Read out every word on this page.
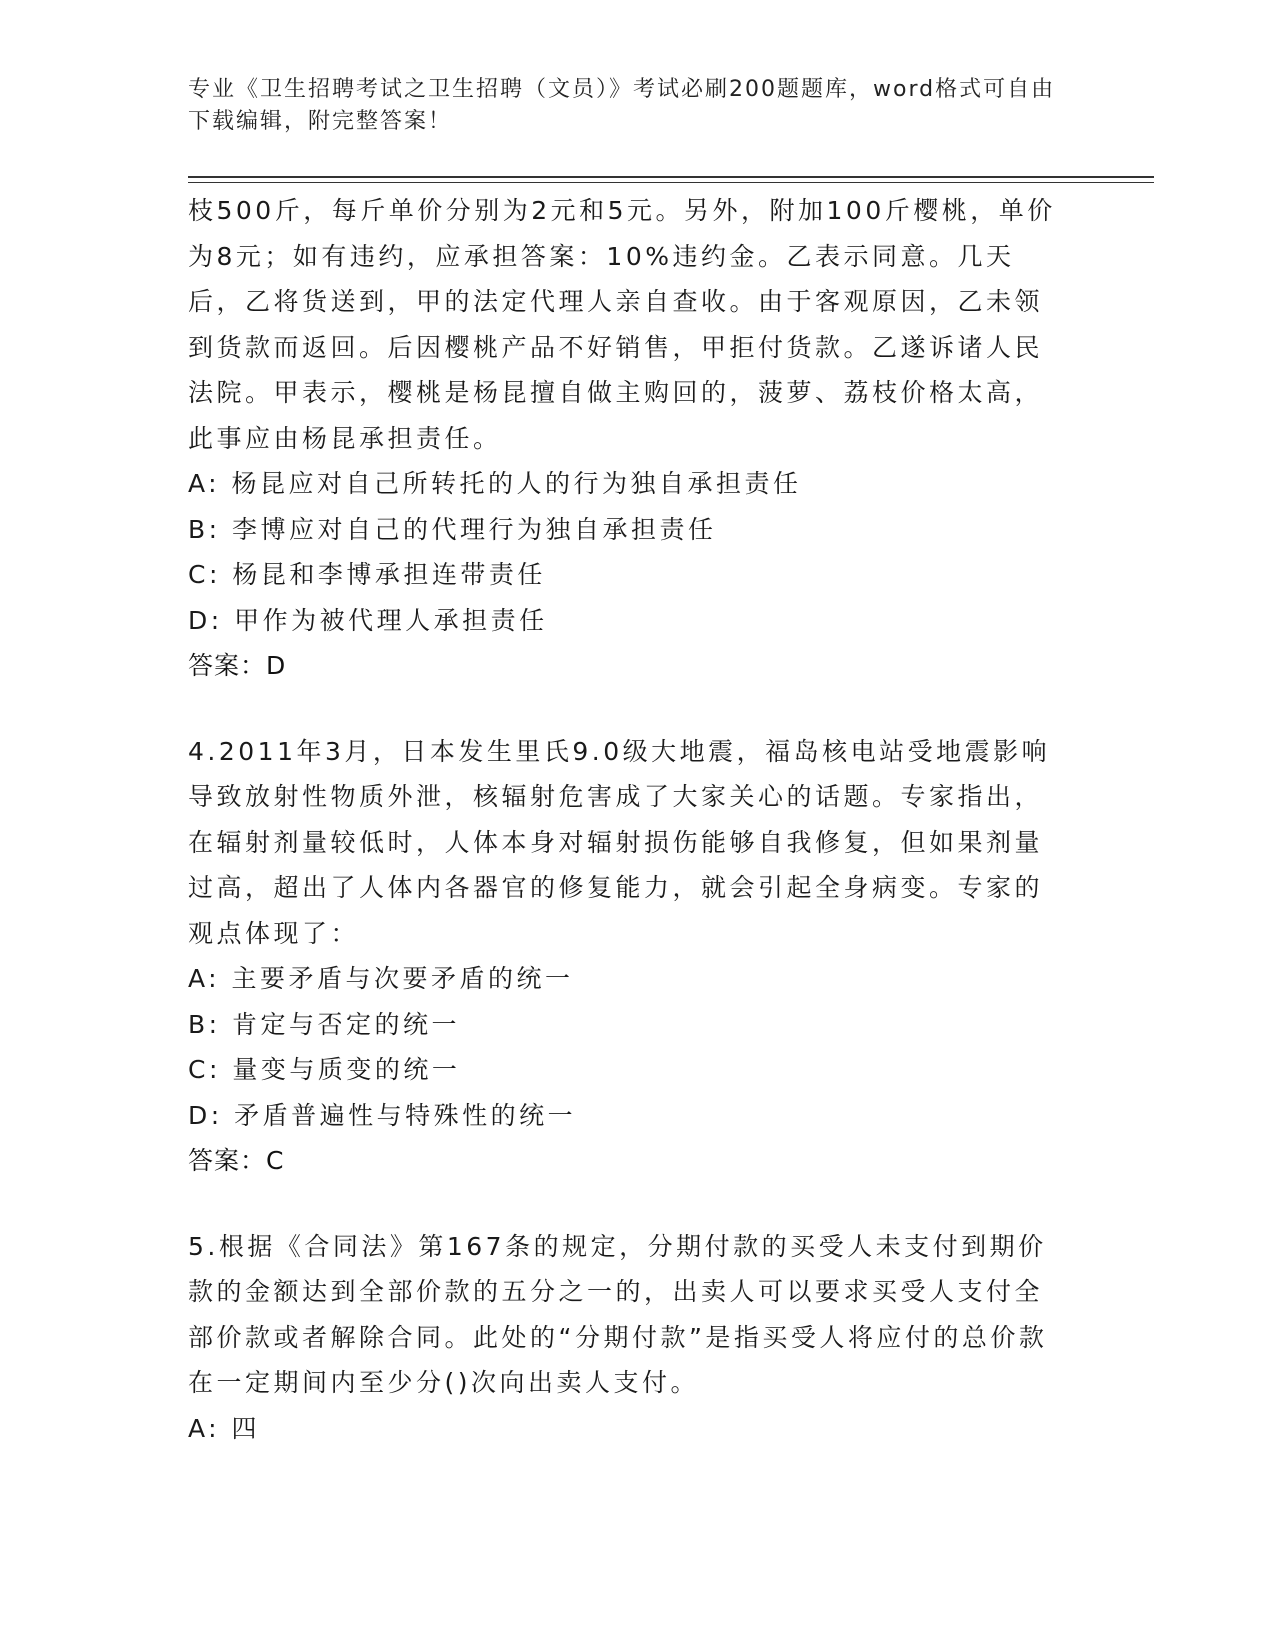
专业《卫生招聘考试之卫生招聘（文员）》考试必刷200题题库，word格式可自由下载编辑，附完整答案！

枝500斤，每斤单价分别为2元和5元。另外，附加100斤樱桃，单价为8元；如有违约，应承担答案：10%违约金。乙表示同意。几天后，乙将货送到，甲的法定代理人亲自查收。由于客观原因，乙未领到货款而返回。后因樱桃产品不好销售，甲拒付货款。乙遂诉诸人民法院。甲表示，樱桃是杨昆擅自做主购回的，菠萝、荔枝价格太高，此事应由杨昆承担责任。

A: 杨昆应对自己所转托的人的行为独自承担责任

B: 李博应对自己的代理行为独自承担责任

C: 杨昆和李博承担连带责任

D: 甲作为被代理人承担责任

答案：D

4.2011年3月，日本发生里氏9.0级大地震，福岛核电站受地震影响导致放射性物质外泄，核辐射危害成了大家关心的话题。专家指出，在辐射剂量较低时，人体本身对辐射损伤能够自我修复，但如果剂量过高，超出了人体内各器官的修复能力，就会引起全身病变。专家的观点体现了：

A: 主要矛盾与次要矛盾的统一

B: 肯定与否定的统一

C: 量变与质变的统一

D: 矛盾普遍性与特殊性的统一

答案：C

5.根据《合同法》第167条的规定，分期付款的买受人未支付到期价款的金额达到全部价款的五分之一的，出卖人可以要求买受人支付全部价款或者解除合同。此处的“分期付款”是指买受人将应付的总价款在一定期间内至少分()次向出卖人支付。

A: 四
